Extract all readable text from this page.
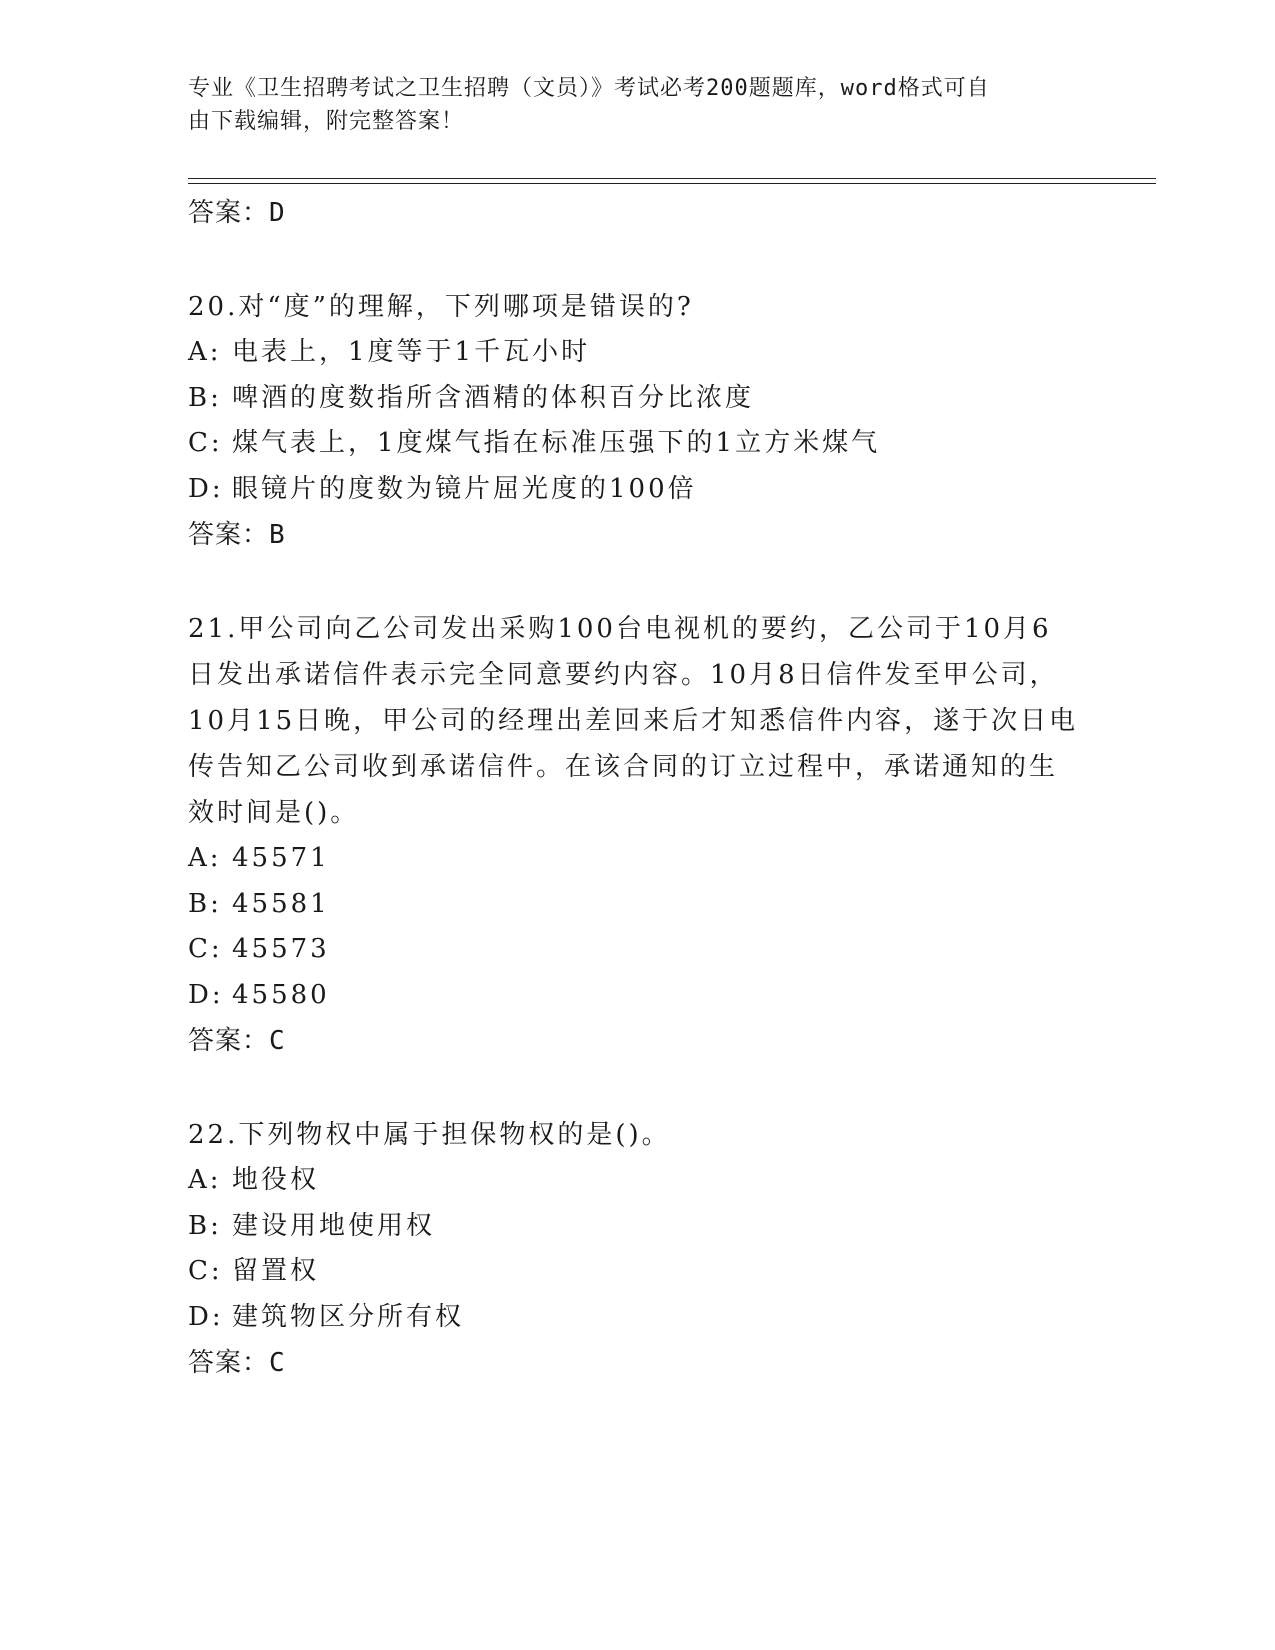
专业《卫生招聘考试之卫生招聘（文员）》考试必考200题题库，word格式可自
由下载编辑，附完整答案！
答案：D
20.对“度”的理解，下列哪项是错误的?
A: 电表上，1度等于1千瓦小时
B: 啤酒的度数指所含酒精的体积百分比浓度
C: 煤气表上，1度煤气指在标准压强下的1立方米煤气
D: 眼镜片的度数为镜片屈光度的100倍
答案：B
21.甲公司向乙公司发出采购100台电视机的要约，乙公司于10月6
日发出承诺信件表示完全同意要约内容。10月8日信件发至甲公司，
10月15日晚，甲公司的经理出差回来后才知悉信件内容，遂于次日电
传告知乙公司收到承诺信件。在该合同的订立过程中，承诺通知的生
效时间是()。
A: 45571
B: 45581
C: 45573
D: 45580
答案：C
22.下列物权中属于担保物权的是()。
A: 地役权
B: 建设用地使用权
C: 留置权
D: 建筑物区分所有权
答案：C
